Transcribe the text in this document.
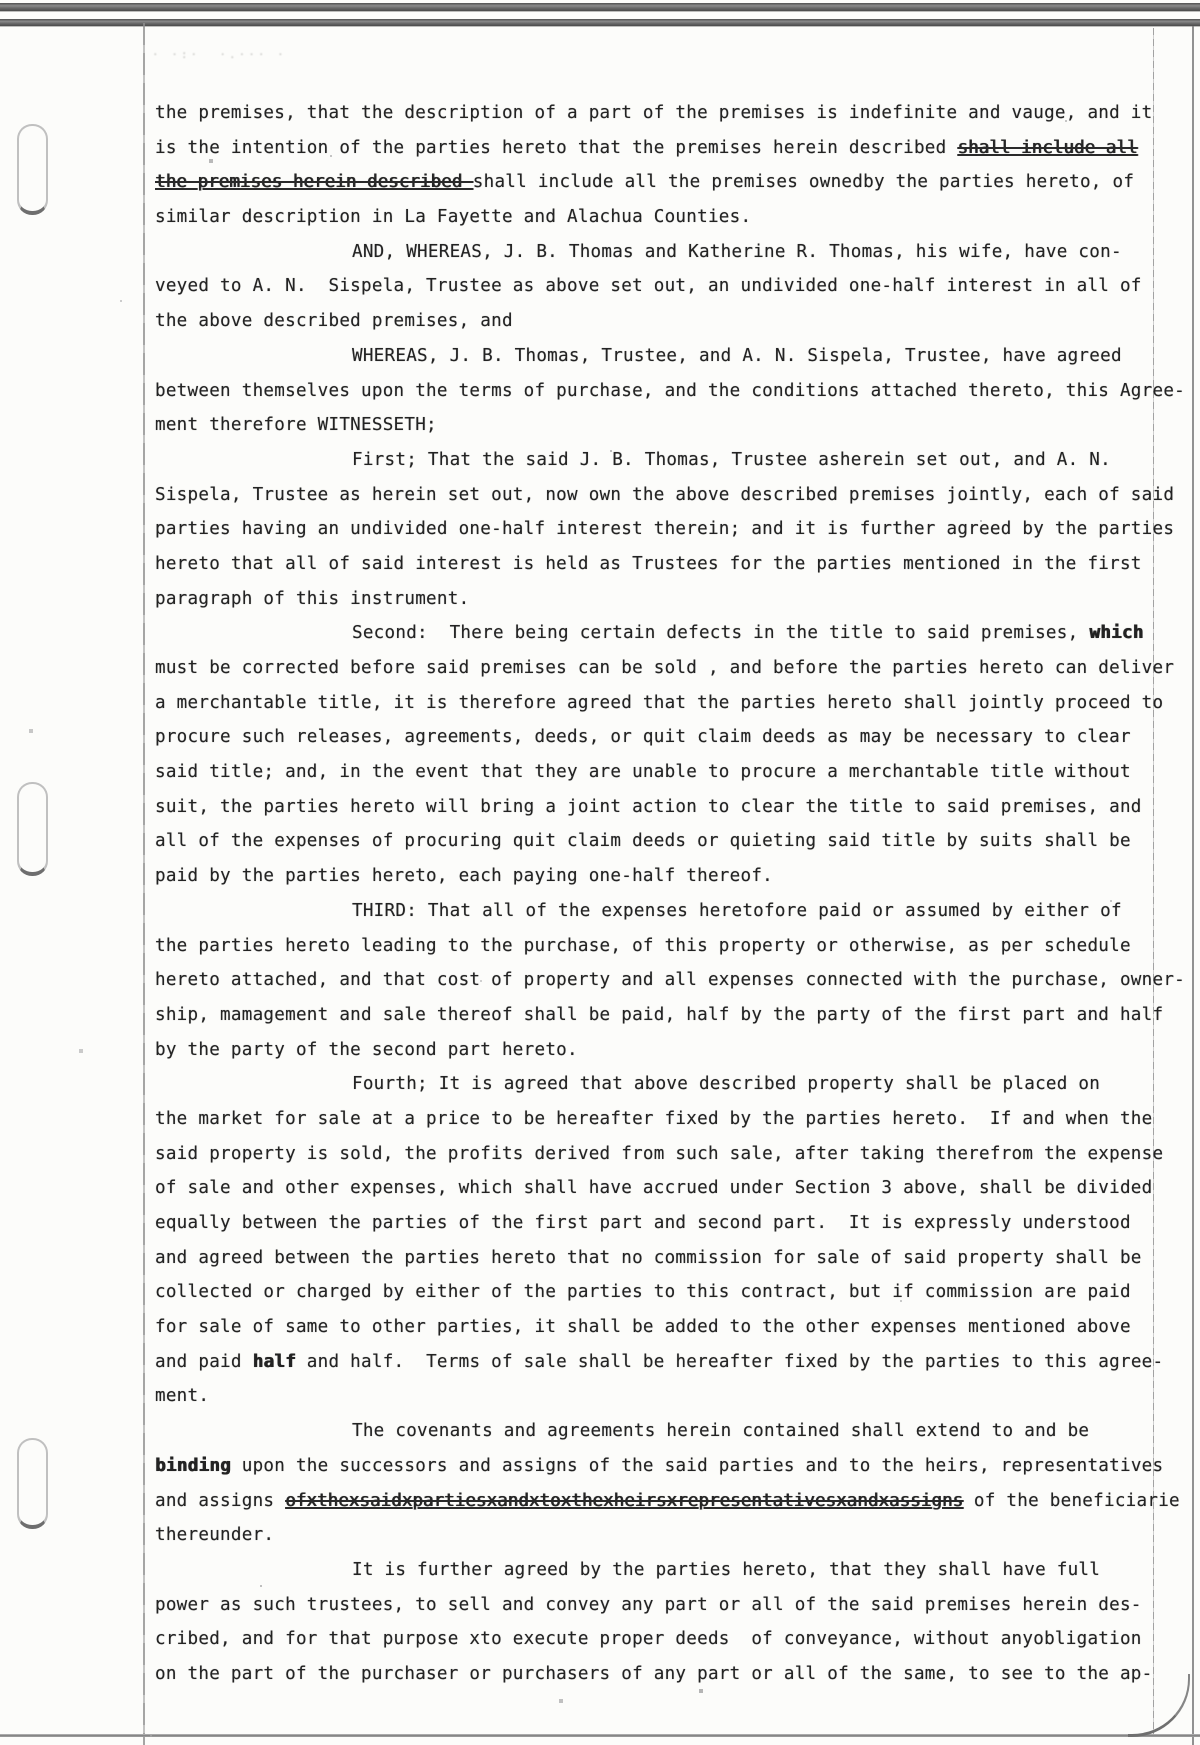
· ·:·  ·.··· ·
the premises, that the description of a part of the premises is indefinite and vauge, and it
is the intention of the parties hereto that the premises herein described shall include all
the premises herein described shall include all the premises ownedby the parties hereto, of
similar description in La Fayette and Alachua Counties.
AND, WHEREAS, J. B. Thomas and Katherine R. Thomas, his wife, have con-
veyed to A. N.  Sispela, Trustee as above set out, an undivided one-half interest in all of
the above described premises, and
WHEREAS, J. B. Thomas, Trustee, and A. N. Sispela, Trustee, have agreed
between themselves upon the terms of purchase, and the conditions attached thereto, this Agree-
ment therefore WITNESSETH;
First; That the said J. B. Thomas, Trustee asherein set out, and A. N.
Sispela, Trustee as herein set out, now own the above described premises jointly, each of said
parties having an undivided one-half interest therein; and it is further agreed by the parties
hereto that all of said interest is held as Trustees for the parties mentioned in the first
paragraph of this instrument.
Second:  There being certain defects in the title to said premises, which
must be corrected before said premises can be sold , and before the parties hereto can deliver
a merchantable title, it is therefore agreed that the parties hereto shall jointly proceed to
procure such releases, agreements, deeds, or quit claim deeds as may be necessary to clear
said title; and, in the event that they are unable to procure a merchantable title without
suit, the parties hereto will bring a joint action to clear the title to said premises, and
all of the expenses of procuring quit claim deeds or quieting said title by suits shall be
paid by the parties hereto, each paying one-half thereof.
THIRD: That all of the expenses heretofore paid or assumed by either of
the parties hereto leading to the purchase, of this property or otherwise, as per schedule
hereto attached, and that cost of property and all expenses connected with the purchase, owner-
ship, mamagement and sale thereof shall be paid, half by the party of the first part and half
by the party of the second part hereto.
Fourth; It is agreed that above described property shall be placed on
the market for sale at a price to be hereafter fixed by the parties hereto.  If and when the
said property is sold, the profits derived from such sale, after taking therefrom the expense
of sale and other expenses, which shall have accrued under Section 3 above, shall be divided
equally between the parties of the first part and second part.  It is expressly understood
and agreed between the parties hereto that no commission for sale of said property shall be
collected or charged by either of the parties to this contract, but if commission are paid
for sale of same to other parties, it shall be added to the other expenses mentioned above
and paid half and half.  Terms of sale shall be hereafter fixed by the parties to this agree-
ment.
The covenants and agreements herein contained shall extend to and be
binding upon the successors and assigns of the said parties and to the heirs, representatives
and assigns ofxthexsaidxpartiesxandxtoxthexheirsxrepresentativesxandxassigns of the beneficiarie
thereunder.
It is further agreed by the parties hereto, that they shall have full
power as such trustees, to sell and convey any part or all of the said premises herein des-
cribed, and for that purpose xto execute proper deeds  of conveyance, without anyobligation
on the part of the purchaser or purchasers of any part or all of the same, to see to the ap-
